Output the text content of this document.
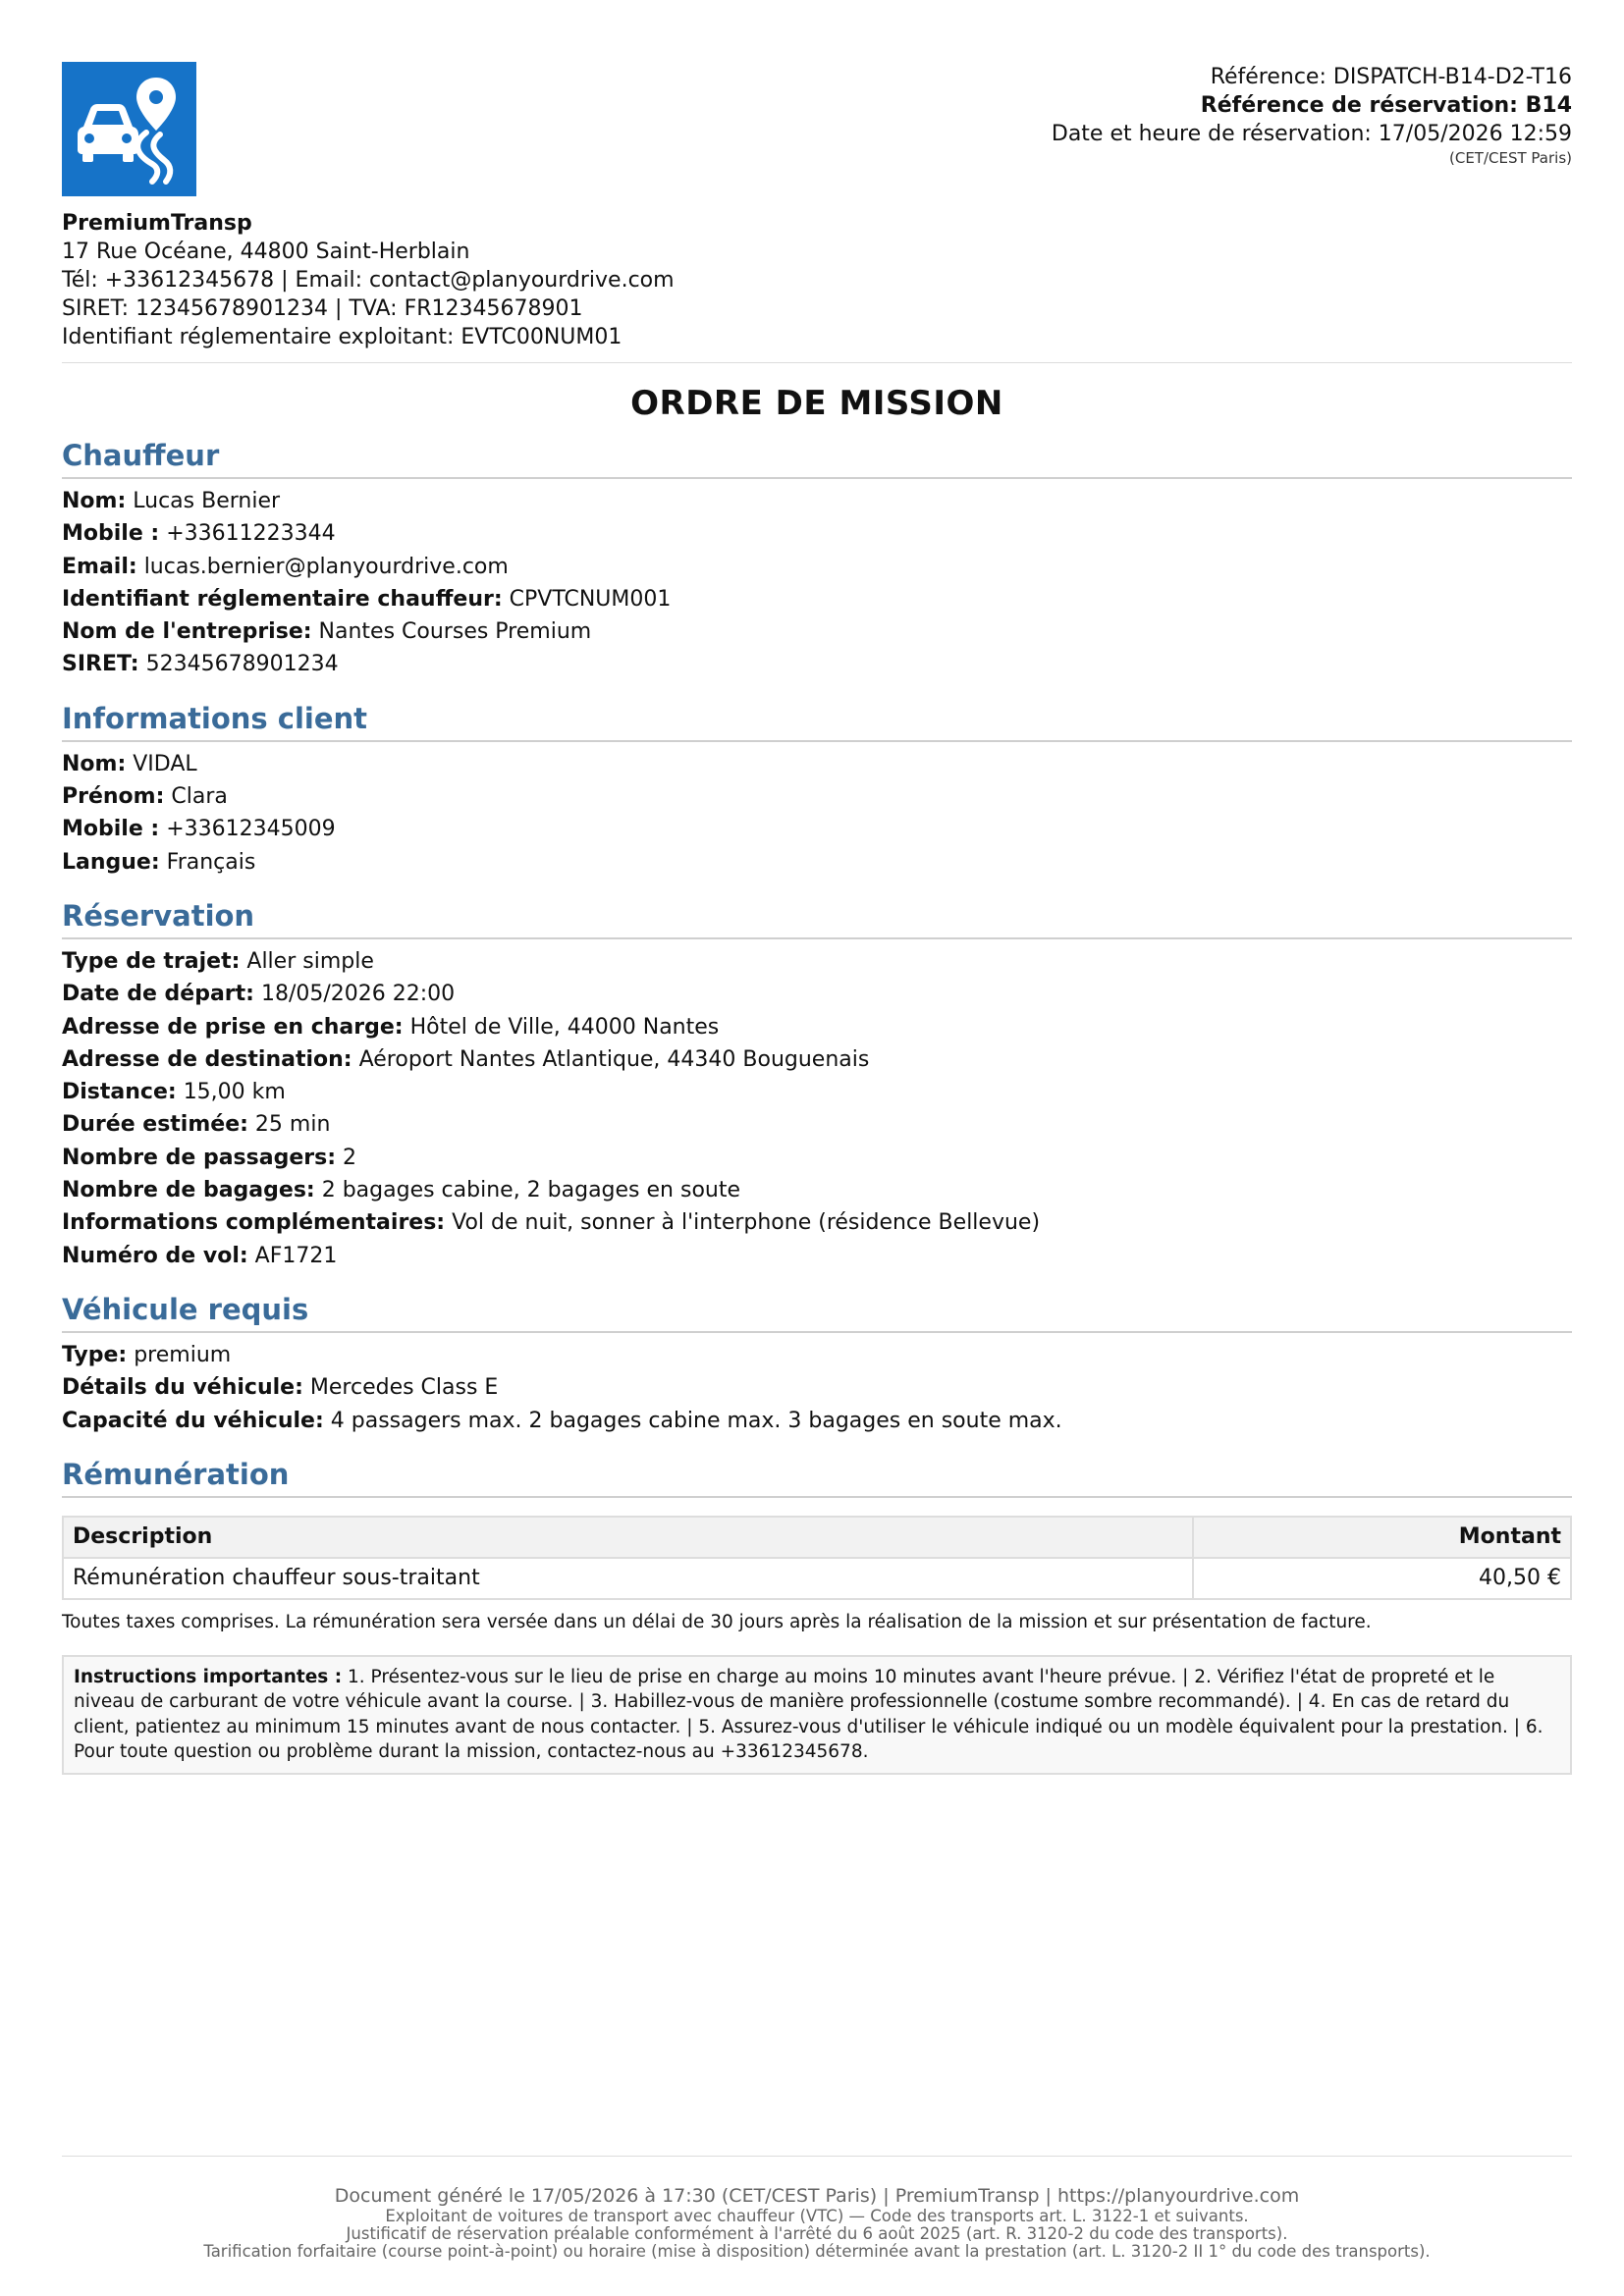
Référence: DISPATCH-B14-D2-T16
Référence de réservation: B14
Date et heure de réservation: 17/05/2026 12:59
(CET/CEST Paris)
PremiumTransp
17 Rue Océane, 44800 Saint-Herblain
Tél: +33612345678 | Email: contact@planyourdrive.com
SIRET: 12345678901234 | TVA: FR12345678901
Identifiant réglementaire exploitant: EVTC00NUM01
ORDRE DE MISSION
Chauffeur
Nom: Lucas Bernier
Mobile : +33611223344
Email: lucas.bernier@planyourdrive.com
Identifiant réglementaire chauffeur: CPVTCNUM001
Nom de l'entreprise: Nantes Courses Premium
SIRET: 52345678901234
Informations client
Nom: VIDAL
Prénom: Clara
Mobile : +33612345009
Langue: Français
Réservation
Type de trajet: Aller simple
Date de départ: 18/05/2026 22:00
Adresse de prise en charge: Hôtel de Ville, 44000 Nantes
Adresse de destination: Aéroport Nantes Atlantique, 44340 Bouguenais
Distance: 15,00 km
Durée estimée: 25 min
Nombre de passagers: 2
Nombre de bagages: 2 bagages cabine, 2 bagages en soute
Informations complémentaires: Vol de nuit, sonner à l'interphone (résidence Bellevue)
Numéro de vol: AF1721
Véhicule requis
Type: premium
Détails du véhicule: Mercedes Class E
Capacité du véhicule: 4 passagers max. 2 bagages cabine max. 3 bagages en soute max.
Rémunération
Description	Montant
Rémunération chauffeur sous-traitant	40,50 €
Toutes taxes comprises. La rémunération sera versée dans un délai de 30 jours après la réalisation de la mission et sur présentation de facture.
Instructions importantes : 1. Présentez-vous sur le lieu de prise en charge au moins 10 minutes avant l'heure prévue. | 2. Vérifiez l'état de propreté et le niveau de carburant de votre véhicule avant la course. | 3. Habillez-vous de manière professionnelle (costume sombre recommandé). | 4. En cas de retard du client, patientez au minimum 15 minutes avant de nous contacter. | 5. Assurez-vous d'utiliser le véhicule indiqué ou un modèle équivalent pour la prestation. | 6. Pour toute question ou problème durant la mission, contactez-nous au +33612345678.
Document généré le 17/05/2026 à 17:30 (CET/CEST Paris) | PremiumTransp | https://planyourdrive.com
Exploitant de voitures de transport avec chauffeur (VTC) — Code des transports art. L. 3122-1 et suivants.
Justificatif de réservation préalable conformément à l'arrêté du 6 août 2025 (art. R. 3120-2 du code des transports).
Tarification forfaitaire (course point-à-point) ou horaire (mise à disposition) déterminée avant la prestation (art. L. 3120-2 II 1° du code des transports).
